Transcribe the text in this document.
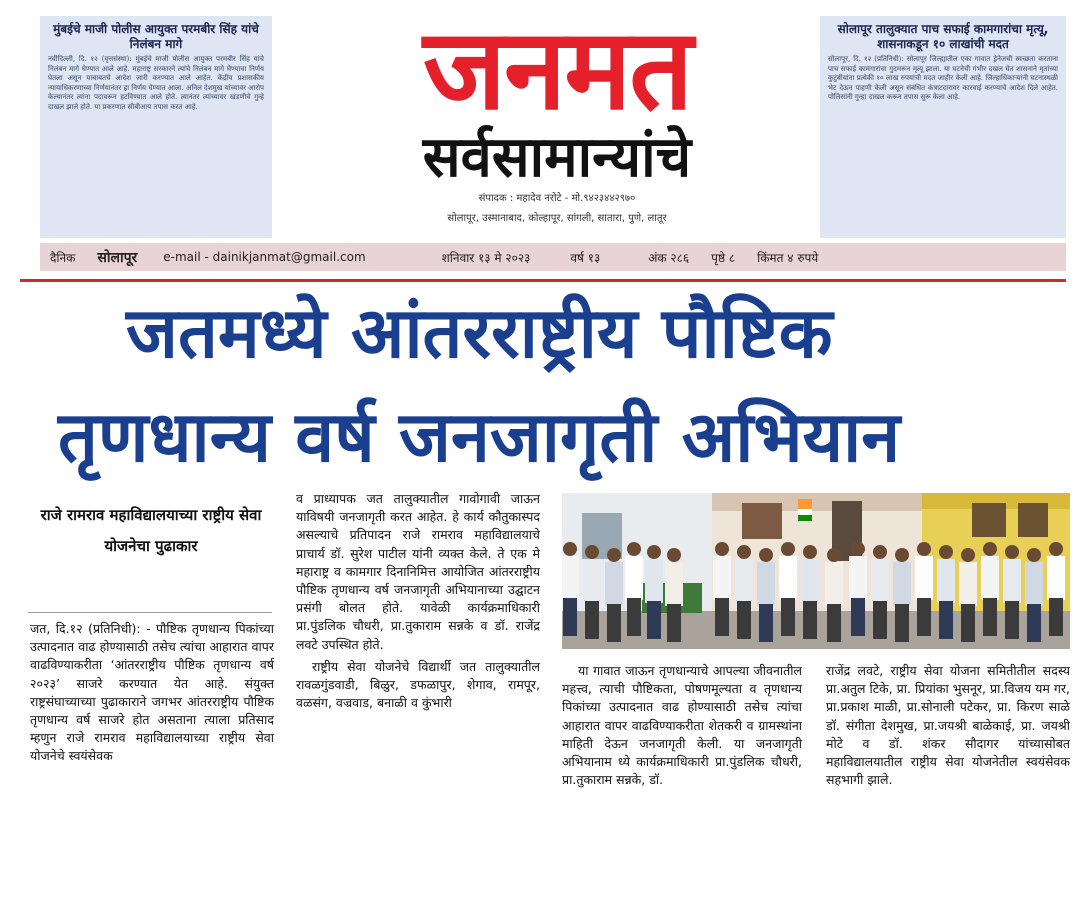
मुंबईचे माजी पोलीस आयुक्त परमबीर सिंह यांचे निलंबन मागे
नवीदिल्ली, दि. १२ (वृत्तसंस्था): मुंबईचे माजी पोलीस आयुक्त परमबीर सिंह यांचे निलंबन मागे घेण्यात आले आहे. महाराष्ट्र सरकारने त्यांचे निलंबन मागे घेण्याचा निर्णय घेतला असून याबाबतचे आदेश जारी करण्यात आले आहेत. केंद्रीय प्रशासकीय न्यायाधिकरणाच्या निर्णयानंतर हा निर्णय घेण्यात आला. अनिल देशमुख यांच्यावर आरोप केल्यानंतर त्यांना पदावरून हटविण्यात आले होते. त्यानंतर त्यांच्यावर खंडणीचे गुन्हे दाखल झाले होते. या प्रकरणात सीबीआय तपास करत आहे.	जनमत
सर्वसामान्यांचे
संपादक : महादेव नरोटे - मो.९४२३४४२९७०
सोलापूर, उस्मानाबाद, कोल्हापूर, सांगली, सातारा, पुणे, लातूर
सोलापूर तालुक्यात पाच सफाई कामगारांचा मृत्यू, शासनाकडून १० लाखांची मदत
सोलापूर, दि. १२ (प्रतिनिधी): सोलापूर जिल्ह्यातील एका गावात ड्रेनेजची स्वच्छता करताना पाच सफाई कामगारांचा गुदमरून मृत्यू झाला. या घटनेची गंभीर दखल घेत शासनाने मृतांच्या कुटुंबीयांना प्रत्येकी १० लाख रुपयांची मदत जाहीर केली आहे. जिल्हाधिकाऱ्यांनी घटनास्थळी भेट देऊन पाहणी केली असून संबंधित कंत्राटदारावर कारवाई करण्याचे आदेश दिले आहेत. पोलिसांनी गुन्हा दाखल करून तपास सुरू केला आहे.
दैनिक सोलापूर e-mail - dainikjanmat@gmail.com	शनिवार १३ मे २०२३	वर्ष १३	अंक २८६ पृष्ठे ८ किंमत ४ रुपये
जतमध्ये आंतरराष्ट्रीय पौष्टिक
तृणधान्य वर्ष जनजागृती अभियान
राजे रामराव महाविद्यालयाच्या राष्ट्रीय सेवा योजनेचा पुढाकार

जत, दि.१२ (प्रतिनिधी): - पौष्टिक तृणधान्य पिकांच्या उत्पादनात वाढ होण्यासाठी तसेच त्यांचा आहारात वापर वाढविण्याकरीता ‘आंतरराष्ट्रीय पौष्टिक तृणधान्य वर्ष २०२३’ साजरे करण्यात येत आहे. संयुक्त राष्ट्रसंघाच्याच्या पुढाकाराने जगभर आंतरराष्ट्रीय पौष्टिक तृणधान्य वर्ष साजरे होत असताना त्याला प्रतिसाद म्हणुन राजे रामराव महाविद्यालयाच्या राष्ट्रीय सेवा योजनेचे स्वयंसेवक

व प्राध्यापक जत तालुक्यातील गावोगावी जाऊन याविषयी जनजागृती करत आहेत. हे कार्य कौतुकास्पद असल्याचे प्रतिपादन राजे रामराव महाविद्यालयाचे प्राचार्य डॉ. सुरेश पाटील यांनी व्यक्त केले. ते एक मे महाराष्ट्र व कामगार दिनानिमित्त आयोजित आंतरराष्ट्रीय पौष्टिक तृणधान्य वर्ष जनजागृती अभियानाच्या उद्घाटन प्रसंगी बोलत होते. यावेळी कार्यक्रमाधिकारी प्रा.पुंडलिक चौधरी, प्रा.तुकाराम सन्नके व डॉ. राजेंद्र लवटे उपस्थित होते.

राष्ट्रीय सेवा योजनेचे विद्यार्थी जत तालुक्यातील रावळगुंडवाडी, बिळुर, डफळापुर, शेगाव, रामपूर, वळसंग, वज्रवाड, बनाळी व कुंभारी

या गावात जाऊन तृणधान्याचे आपल्या जीवनातील महत्त्व, त्याची पौष्टिकता, पोषणमूल्यता व तृणधान्य पिकांच्या उत्पादनात वाढ होण्यासाठी तसेच त्यांचा आहारात वापर वाढविण्याकरीता शेतकरी व ग्रामस्थांना माहिती देऊन जनजागृती केली. या जनजागृती अभियानाम ध्ये कार्यक्रमाधिकारी प्रा.पुंडलिक चौधरी, प्रा.तुकाराम सन्नके, डॉ.

राजेंद्र लवटे, राष्ट्रीय सेवा योजना समितीतील सदस्य प्रा.अतुल टिके, प्रा. प्रियांका भुसनूर, प्रा.विजय यम गर, प्रा.प्रकाश माळी, प्रा.सोनाली पटेकर, प्रा. किरण साळे डॉ. संगीता देशमुख, प्रा.जयश्री बाळेकाई, प्रा. जयश्री मोटे व डॉ. शंकर सौदागर यांच्यासोबत महाविद्यालयातील राष्ट्रीय सेवा योजनेतील स्वयंसेवक सहभागी झाले.
